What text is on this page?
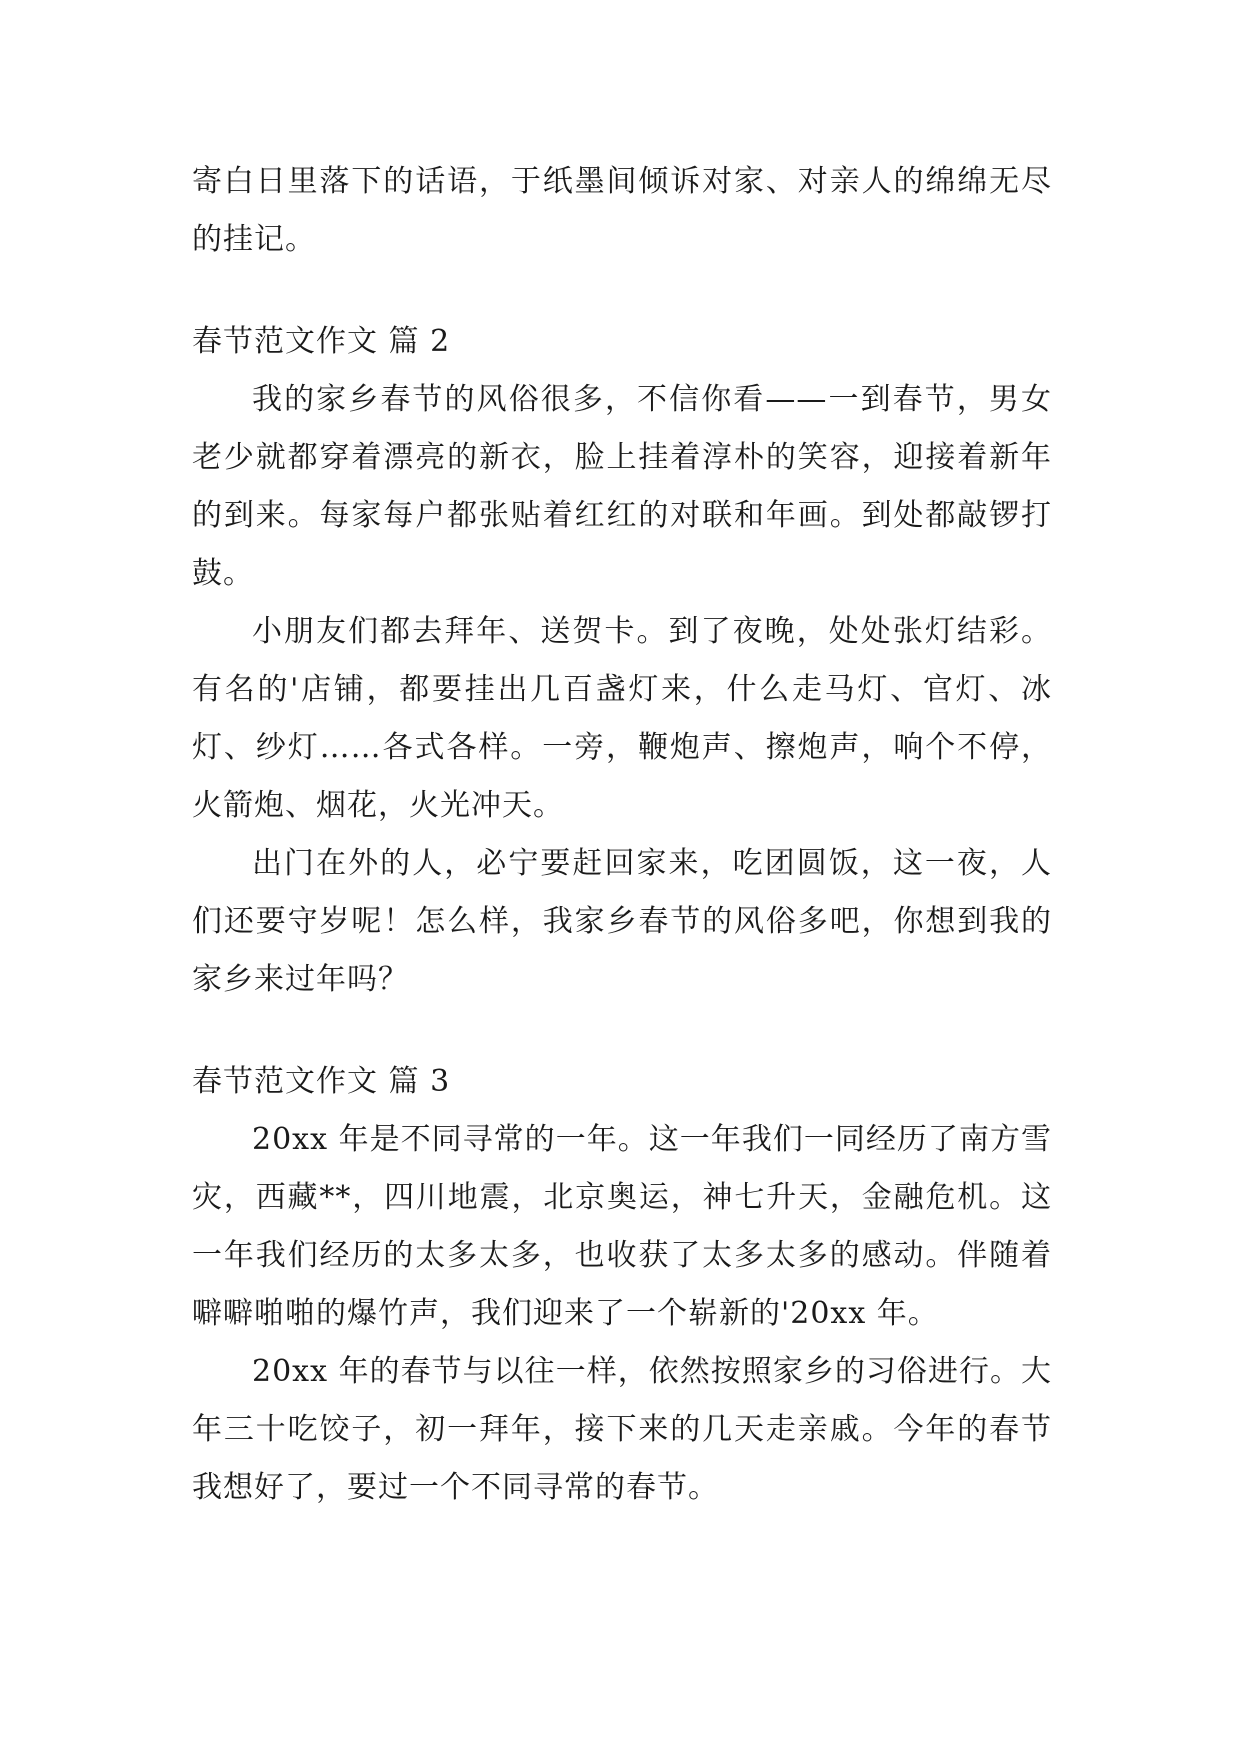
寄白日里落下的话语，于纸墨间倾诉对家、对亲人的绵绵无尽的挂记。

春节范文作文 篇 2

我的家乡春节的风俗很多，不信你看——一到春节，男女老少就都穿着漂亮的新衣，脸上挂着淳朴的笑容，迎接着新年的到来。每家每户都张贴着红红的对联和年画。到处都敲锣打鼓。

小朋友们都去拜年、送贺卡。到了夜晚，处处张灯结彩。有名的'店铺，都要挂出几百盏灯来，什么走马灯、官灯、冰灯、纱灯……各式各样。一旁，鞭炮声、擦炮声，响个不停，火箭炮、烟花，火光冲天。

出门在外的人，必宁要赶回家来，吃团圆饭，这一夜，人们还要守岁呢！怎么样，我家乡春节的风俗多吧，你想到我的家乡来过年吗？

春节范文作文 篇 3

20xx 年是不同寻常的一年。这一年我们一同经历了南方雪灾，西藏**，四川地震，北京奥运，神七升天，金融危机。这一年我们经历的太多太多，也收获了太多太多的感动。伴随着噼噼啪啪的爆竹声，我们迎来了一个崭新的'20xx 年。

20xx 年的春节与以往一样，依然按照家乡的习俗进行。大年三十吃饺子，初一拜年，接下来的几天走亲戚。今年的春节我想好了，要过一个不同寻常的春节。
